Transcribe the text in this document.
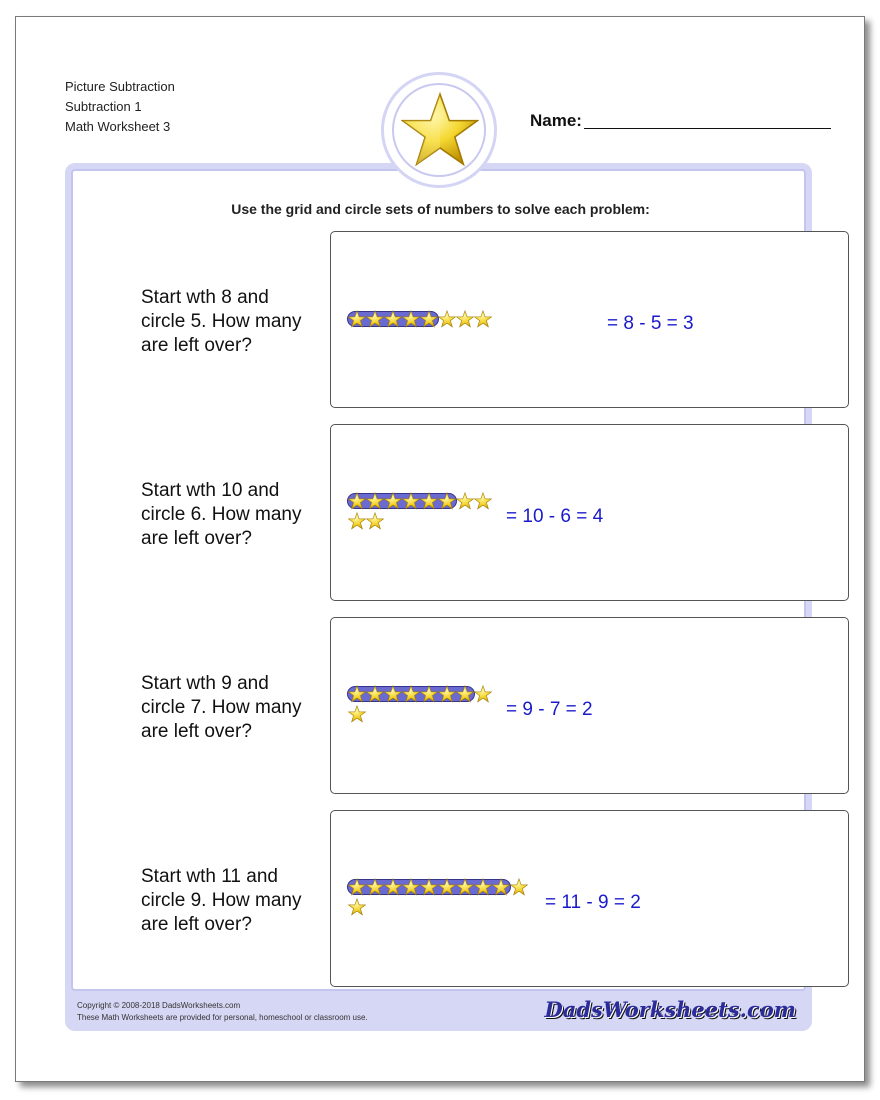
Picture Subtraction
Subtraction 1
Math Worksheet 3	Name:
Use the grid and circle sets of numbers to solve each problem:
Start wth 8 and
circle 5. How many
are left over?
= 8 - 5 = 3
Start wth 10 and
circle 6. How many
are left over?
= 10 - 6 = 4
Start wth 9 and
circle 7. How many
are left over?
= 9 - 7 = 2
Start wth 11 and
circle 9. How many
are left over?
= 11 - 9 = 2
Copyright © 2008-2018 DadsWorksheets.com
These Math Worksheets are provided for personal, homeschool or classroom use.	DadsWorksheets.com
